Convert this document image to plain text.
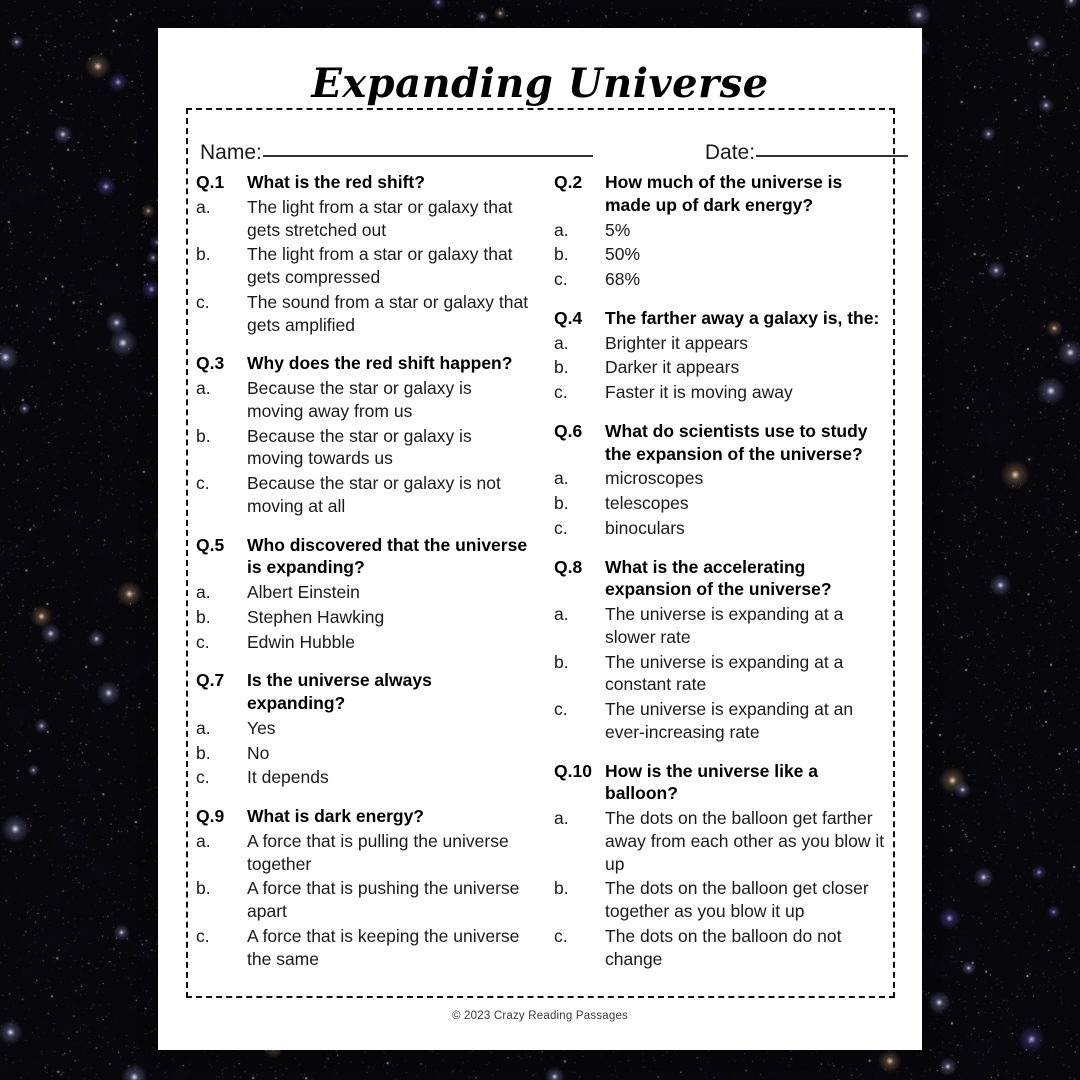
Expanding Universe
Name:	Date:
Q.1	What is the red shift?
a.	The light from a star or galaxy that gets stretched out
b.	The light from a star or galaxy that gets compressed
c.	The sound from a star or galaxy that gets amplified
Q.3	Why does the red shift happen?
a.	Because the star or galaxy is moving away from us
b.	Because the star or galaxy is moving towards us
c.	Because the star or galaxy is not moving at all
Q.5	Who discovered that the universe is expanding?
a.	Albert Einstein
b.	Stephen Hawking
c.	Edwin Hubble
Q.7	Is the universe always expanding?
a.	Yes
b.	No
c.	It depends
Q.9	What is dark energy?
a.	A force that is pulling the universe together
b.	A force that is pushing the universe apart
c.	A force that is keeping the universe the same
Q.2	How much of the universe is made up of dark energy?
a.	5%
b.	50%
c.	68%
Q.4	The farther away a galaxy is, the:
a.	Brighter it appears
b.	Darker it appears
c.	Faster it is moving away
Q.6	What do scientists use to study the expansion of the universe?
a.	microscopes
b.	telescopes
c.	binoculars
Q.8	What is the accelerating expansion of the universe?
a.	The universe is expanding at a slower rate
b.	The universe is expanding at a constant rate
c.	The universe is expanding at an ever-increasing rate
Q.10 How is the universe like a balloon?
a.	The dots on the balloon get farther away from each other as you blow it up
b.	The dots on the balloon get closer together as you blow it up
c.	The dots on the balloon do not change
© 2023 Crazy Reading Passages
